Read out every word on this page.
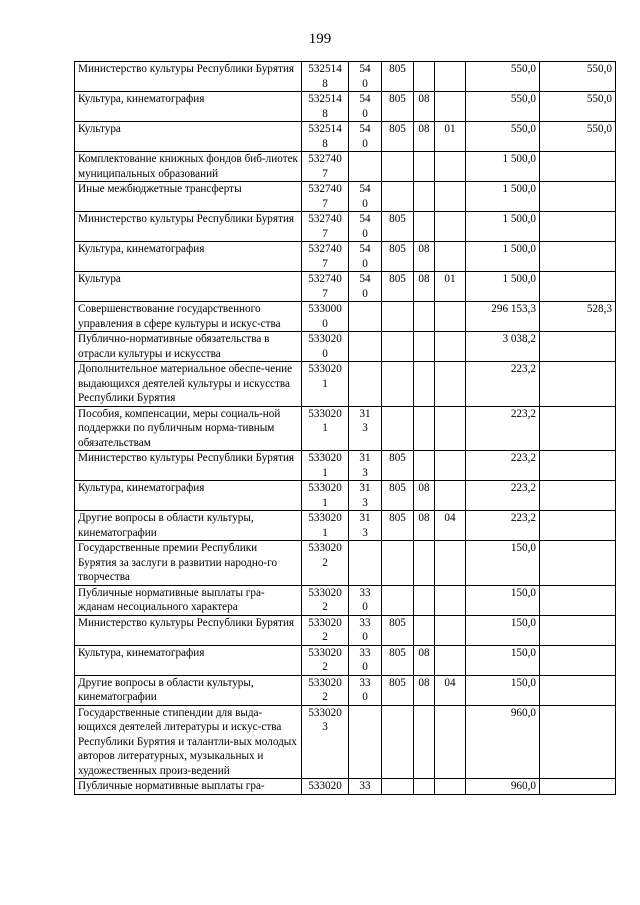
199
Министерство культуры Республики Бурятия	5325148	540	805			550,0	550,0
Культура, кинематография	5325148	540	805	08		550,0	550,0
Культура	5325148	540	805	08	01	550,0	550,0
Комплектование книжных фондов биб-лиотек муниципальных образований	5327407					1 500,0	
Иные межбюджетные трансферты	5327407	540				1 500,0	
Министерство культуры Республики Бурятия	5327407	540	805			1 500,0	
Культура, кинематография	5327407	540	805	08		1 500,0	
Культура	5327407	540	805	08	01	1 500,0	
Совершенствование государственного управления в сфере культуры и искус-ства	5330000					296 153,3	528,3
Публично-нормативные обязательства в отрасли культуры и искусства	5330200					3 038,2	
Дополнительное материальное обеспе-чение выдающихся деятелей культуры и искусства Республики Бурятия	5330201					223,2	
Пособия, компенсации, меры социаль-ной поддержки по публичным норма-тивным обязательствам	5330201	313				223,2	
Министерство культуры Республики Бурятия	5330201	313	805			223,2	
Культура, кинематография	5330201	313	805	08		223,2	
Другие вопросы в области культуры, кинематографии	5330201	313	805	08	04	223,2	
Государственные премии Республики Бурятия за заслуги в развитии народно-го творчества	5330202					150,0	
Публичные нормативные выплаты гра-жданам несоциального характера	5330202	330				150,0	
Министерство культуры Республики Бурятия	5330202	330	805			150,0	
Культура, кинематография	5330202	330	805	08		150,0	
Другие вопросы в области культуры, кинематографии	5330202	330	805	08	04	150,0	
Государственные стипендии для выда-ющихся деятелей литературы и искус-ства Республики Бурятия и талантли-вых молодых авторов литературных, музыкальных и художественных произ-ведений	5330203					960,0	
Публичные нормативные выплаты гра-	533020	33				960,0	
